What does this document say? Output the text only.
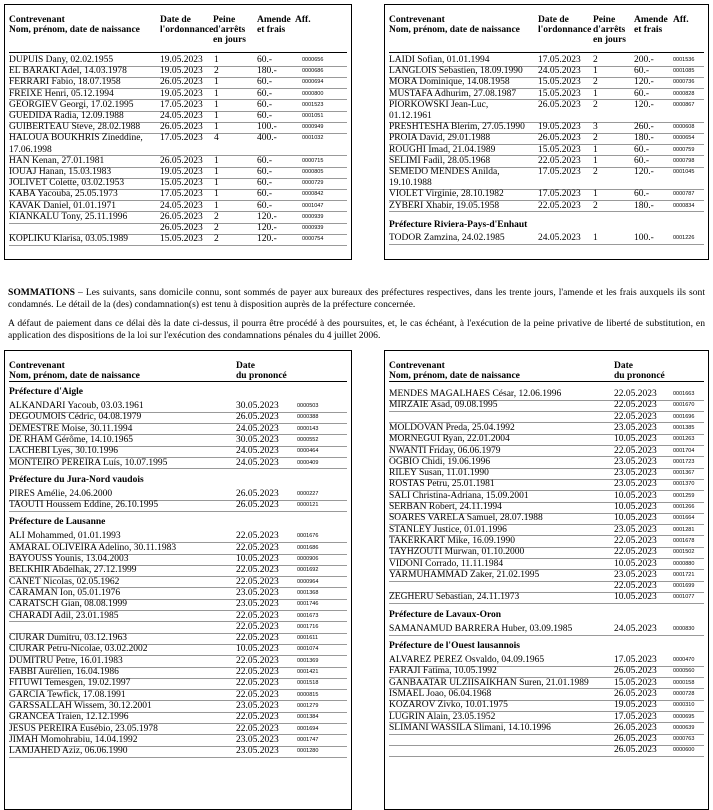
Contrevenant
Nom, prénom, date de naissance
Date de
l'ordonnance
Peine
d'arrêts
en jours
Amende
et frais
Aff.
DUPUIS Dany, 02.02.1955	19.05.2023 1	60.-	0000656
EL BARAKI Adel, 14.03.1978	19.05.2023 2	180.-	0000686
FERRARI Fabio, 18.07.1958	26.05.2023 1	60.-	0000694
FREIXE Henri, 05.12.1994	19.05.2023 1	60.-	0000800
GEORGIEV Georgi, 17.02.1995	17.05.2023 1	60.-	0001523
GUEDIDA Radia, 12.09.1988	24.05.2023 1	60.-	0001051
GUIBERTEAU Steve, 28.02.1988 26.05.2023 1	100.-	0000949
HALOUA BOUKHRIS Zineddine, 17.05.2023 4	400.-	0001032
17.06.1998
HAN Kenan, 27.01.1981	26.05.2023 1	60.-	0000715
IOUAJ Hanan, 15.03.1983	19.05.2023 1	60.-	0000805
JOLIVET Colette, 03.02.1953	15.05.2023 1	60.-	0000729
KABA Yacouba, 25.05.1973	17.05.2023 1	60.-	0000842
KAVAK Daniel, 01.01.1971	24.05.2023 1	60.-	0001047
KIANKALU Tony, 25.11.1996	26.05.2023 2	120.-	0000939
26.05.2023 2	120.-	0000939
KOPLIKU Klarisa, 03.05.1989	15.05.2023 2	120.-	0000754
Contrevenant
Nom, prénom, date de naissance
Date de
l'ordonnance
Peine
d'arrêts
en jours
Amende
et frais
Aff.
LAIDI Sofian, 01.01.1994	17.05.2023 2	200.-	0001536
LANGLOIS Sebastien, 18.09.1990 24.05.2023 1	60.-	0001085
MORA Dominique, 14.08.1958	15.05.2023 2	120.-	0000736
MUSTAFA Adhurim, 27.08.1987 15.05.2023 1	60.-	0000828
PIORKOWSKI Jean-Luc,	26.05.2023 2	120.-	0000867
01.12.1961
PRESHTESHA Blerim, 27.05.1990 19.05.2023 3	260.-	0000608
PROIA David, 29.01.1988	26.05.2023 2	180.-	0000654
ROUGHI Imad, 21.04.1989	15.05.2023 1	60.-	0000759
SELIMI Fadil, 28.05.1968	22.05.2023 1	60.-	0000798
SEMEDO MENDES Anilda,	17.05.2023 2	120.-	0001045
19.10.1988
VIOLET Virginie, 28.10.1982	17.05.2023 1	60.-	0000787
ZYBERI Xhabir, 19.05.1958	22.05.2023 2	180.-	0000834
Préfecture Riviera-Pays-d'Enhaut
TODOR Zamzina, 24.02.1985	24.05.2023 1	100.-	0001226
SOMMATIONS – Les suivants, sans domicile connu, sont sommés de payer aux bureaux des préfectures respectives, dans les trente jours, l'amende et les frais auxquels ils sont condamnés. Le détail de la (des) condamnation(s) est tenu à disposition auprès de la préfecture concernée.
A défaut de paiement dans ce délai dès la date ci-dessus, il pourra être procédé à des poursuites, et, le cas échéant, à l'exécution de la peine privative de liberté de substitution, en application des dispositions de la loi sur l'exécution des condamnations pénales du 4 juillet 2006.
Contrevenant
Nom, prénom, date de naissance
Date
du prononcé
Préfecture d'Aigle
ALKANDARI Yacoub, 03.03.1961	30.05.2023	0000503
DEGOUMOIS Cédric, 04.08.1979	26.05.2023	0000388
DEMESTRE Moise, 30.11.1994	24.05.2023	0000143
DE RHAM Gérôme, 14.10.1965	30.05.2023	0000552
LACHEBI Lyes, 30.10.1996	24.05.2023	0000464
MONTEIRO PEREIRA Luís, 10.07.1995	24.05.2023	0000409
Préfecture du Jura-Nord vaudois
PIRES Amélie, 24.06.2000	26.05.2023	0000227
TAOUTI Houssem Eddine, 26.10.1995	26.05.2023	0000121
Préfecture de Lausanne
ALI Mohammed, 01.01.1993	22.05.2023	0001676
AMARAL OLIVEIRA Adelino, 30.11.1983	22.05.2023	0001686
BAYOUSS Younis, 13.04.2003	10.05.2023	0000906
BELKHIR Abdelhak, 27.12.1999	22.05.2023	0001692
CANET Nicolas, 02.05.1962	22.05.2023	0000964
CARAMAN Ion, 05.01.1976	23.05.2023	0001368
CARATSCH Gian, 08.08.1999	23.05.2023	0001746
CHARADI Adil, 23.01.1985	22.05.2023	0001673
22.05.2023	0001716
CIURAR Dumitru, 03.12.1963	22.05.2023	0001611
CIURAR Petru-Nicolae, 03.02.2002	10.05.2023	0001074
DUMITRU Petre, 16.01.1983	22.05.2023	0001369
FABBI Aurélien, 16.04.1986	22.05.2023	0001421
FITUWI Temesgen, 19.02.1997	22.05.2023	0001518
GARCIA Tewfick, 17.08.1991	22.05.2023	0000815
GARSSALLAH Wissem, 30.12.2001	23.05.2023	0001279
GRANCEA Traien, 12.12.1996	22.05.2023	0001384
JESUS PEREIRA Eusébio, 23.05.1978	22.05.2023	0001694
JIMAH Momohrabiu, 14.04.1992	23.05.2023	0001747
LAMJAHED Aziz, 06.06.1990	23.05.2023	0001280
Contrevenant
Nom, prénom, date de naissance
Date
du prononcé
MENDES MAGALHAES César, 12.06.1996	22.05.2023	0001663
MIRZAIE Asad, 09.08.1995	22.05.2023	0001670
22.05.2023	0001696
MOLDOVAN Preda, 25.04.1992	23.05.2023	0001385
MORNEGUI Ryan, 22.01.2004	10.05.2023	0001263
NWANTI Friday, 06.06.1979	22.05.2023	0001704
OGBIO Chidi, 19.06.1996	23.05.2023	0001723
RILEY Susan, 11.01.1990	23.05.2023	0001367
ROSTAS Petru, 25.01.1981	23.05.2023	0001370
SALI Christina-Adriana, 15.09.2001	10.05.2023	0001259
SERBAN Robert, 24.11.1994	10.05.2023	0001266
SOARES VARELA Samuel, 28.07.1988	10.05.2023	0001664
STANLEY Justice, 01.01.1996	23.05.2023	0001281
TAKERKART Mike, 16.09.1990	22.05.2023	0001678
TAYHZOUTI Murwan, 01.10.2000	22.05.2023	0001502
VIDONI Corrado, 11.11.1984	10.05.2023	0000880
YARMUHAMMAD Zaker, 21.02.1995	23.05.2023	0001721
22.05.2023	0001699
ZEGHERU Sebastian, 24.11.1973	10.05.2023	0001077
Préfecture de Lavaux-Oron
SAMANAMUD BARRERA Huber, 03.09.1985	24.05.2023	0000830
Préfecture de l'Ouest lausannois
ALVAREZ PEREZ Osvaldo, 04.09.1965	17.05.2023	0000470
FARAJI Fatima, 10.05.1992	26.05.2023	0000560
GANBAATAR ULZIISAIKHAN Suren, 21.01.1989	15.05.2023	0000158
ISMAEL Joao, 06.04.1968	26.05.2023	0000728
KOZAROV Zivko, 10.01.1975	19.05.2023	0000310
LUGRIN Alain, 23.05.1952	17.05.2023	0000695
SLIMANI WASSILA Slimani, 14.10.1996	26.05.2023	0000639
26.05.2023	0000763
26.05.2023	0000600
